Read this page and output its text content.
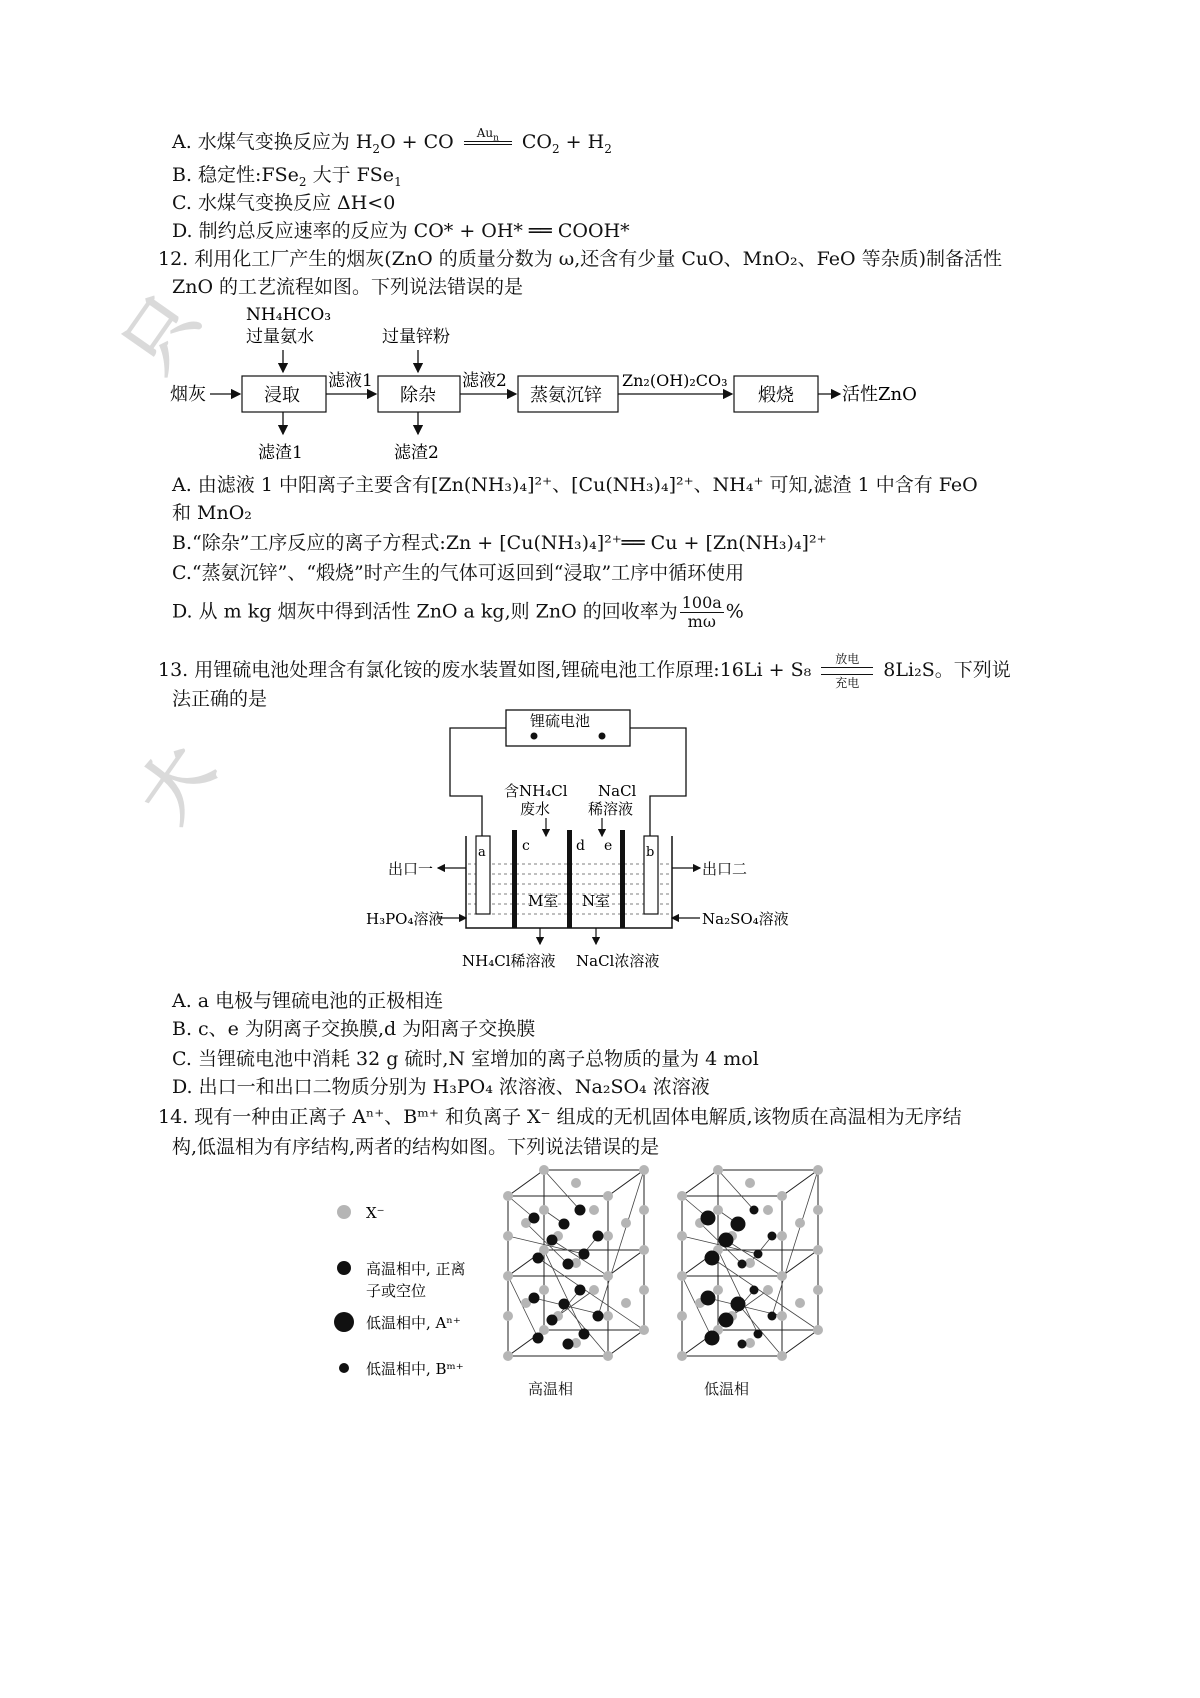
只
大
A. 水煤气变换反应为 $H_2O$ + CO	$Au_n$
	$CO_2 + H_2$
B. 稳定性:FSe$_2$ 大于 FSe$_1$
C. 水煤气变换反应 ΔH<0
D. 制约总反应速率的反应为 CO* + OH* ══ COOH*
12. 利用化工厂产生的烟灰(ZnO 的质量分数为 ω,还含有少量 CuO、MnO₂、FeO 等杂质)制备活性
ZnO 的工艺流程如图。下列说法错误的是
NH₄HCO₃
过量氨水	过量锌粉
烟灰	浸取
滤液1
除杂
滤液2
蒸氨沉锌
Zn₂(OH)₂CO₃
煅烧	活性ZnO
滤渣1	滤渣2
A. 由滤液 1 中阳离子主要含有[Zn(NH₃)₄]²⁺、[Cu(NH₃)₄]²⁺、NH₄⁺ 可知,滤渣 1 中含有 FeO
和 MnO₂
B.“除杂”工序反应的离子方程式:Zn + [Cu(NH₃)₄]²⁺══ Cu + [Zn(NH₃)₄]²⁺
C.“蒸氨沉锌”、“煅烧”时产生的气体可返回到“浸取”工序中循环使用
D. 从 m kg 烟灰中得到活性 ZnO a kg,则 ZnO 的回收率为 $\frac{100a}{m\omega}$ %
13. 用锂硫电池处理含有氯化铵的废水装置如图,锂硫电池工作原理:16Li + S₈	放电
充电
8Li₂S。下列说
法正确的是
锂硫电池
含NH₄Cl
废水
NaCl
稀溶液
a	b
c	d e
M室 N室
出口一	出口二
H₃PO₄溶液	Na₂SO₄溶液
NH₄Cl稀溶液 NaCl浓溶液
A. a 电极与锂硫电池的正极相连
B. c、e 为阴离子交换膜,d 为阳离子交换膜
C. 当锂硫电池中消耗 32 g 硫时,N 室增加的离子总物质的量为 4 mol
D. 出口一和出口二物质分别为 H₃PO₄ 浓溶液、Na₂SO₄ 浓溶液
14. 现有一种由正离子 Aⁿ⁺、Bᵐ⁺ 和负离子 X⁻ 组成的无机固体电解质,该物质在高温相为无序结
构,低温相为有序结构,两者的结构如图。下列说法错误的是
X⁻
高温相中, 正离
子或空位
低温相中, Aⁿ⁺
低温相中, Bᵐ⁺
高温相	低温相
